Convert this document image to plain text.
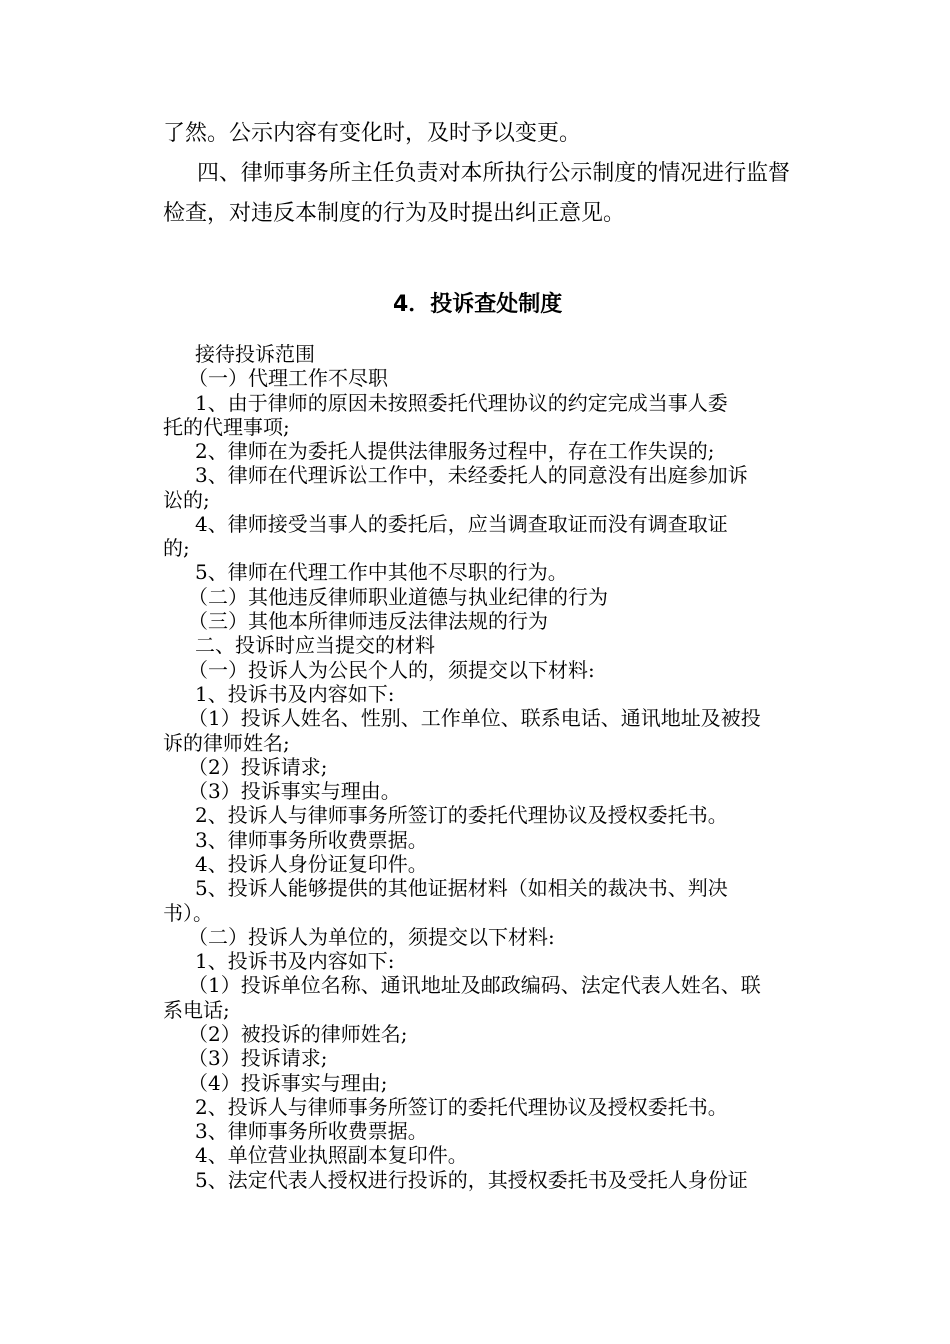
了然。公示内容有变化时，及时予以变更。
四、律师事务所主任负责对本所执行公示制度的情况进行监督
检查，对违反本制度的行为及时提出纠正意见。
4．投诉查处制度
接待投诉范围
（一）代理工作不尽职
1、由于律师的原因未按照委托代理协议的约定完成当事人委
托的代理事项;
2、律师在为委托人提供法律服务过程中，存在工作失误的;
3、律师在代理诉讼工作中，未经委托人的同意没有出庭参加诉
讼的;
4、律师接受当事人的委托后，应当调查取证而没有调查取证
的;
5、律师在代理工作中其他不尽职的行为。
（二）其他违反律师职业道德与执业纪律的行为
（三）其他本所律师违反法律法规的行为
二、投诉时应当提交的材料
（一）投诉人为公民个人的，须提交以下材料:
1、投诉书及内容如下:
（1）投诉人姓名、性别、工作单位、联系电话、通讯地址及被投
诉的律师姓名;
（2）投诉请求;
（3）投诉事实与理由。
2、投诉人与律师事务所签订的委托代理协议及授权委托书。
3、律师事务所收费票据。
4、投诉人身份证复印件。
5、投诉人能够提供的其他证据材料（如相关的裁决书、判决
书）。
（二）投诉人为单位的，须提交以下材料:
1、投诉书及内容如下:
（1）投诉单位名称、通讯地址及邮政编码、法定代表人姓名、联
系电话;
（2）被投诉的律师姓名;
（3）投诉请求;
（4）投诉事实与理由;
2、投诉人与律师事务所签订的委托代理协议及授权委托书。
3、律师事务所收费票据。
4、单位营业执照副本复印件。
5、法定代表人授权进行投诉的，其授权委托书及受托人身份证
